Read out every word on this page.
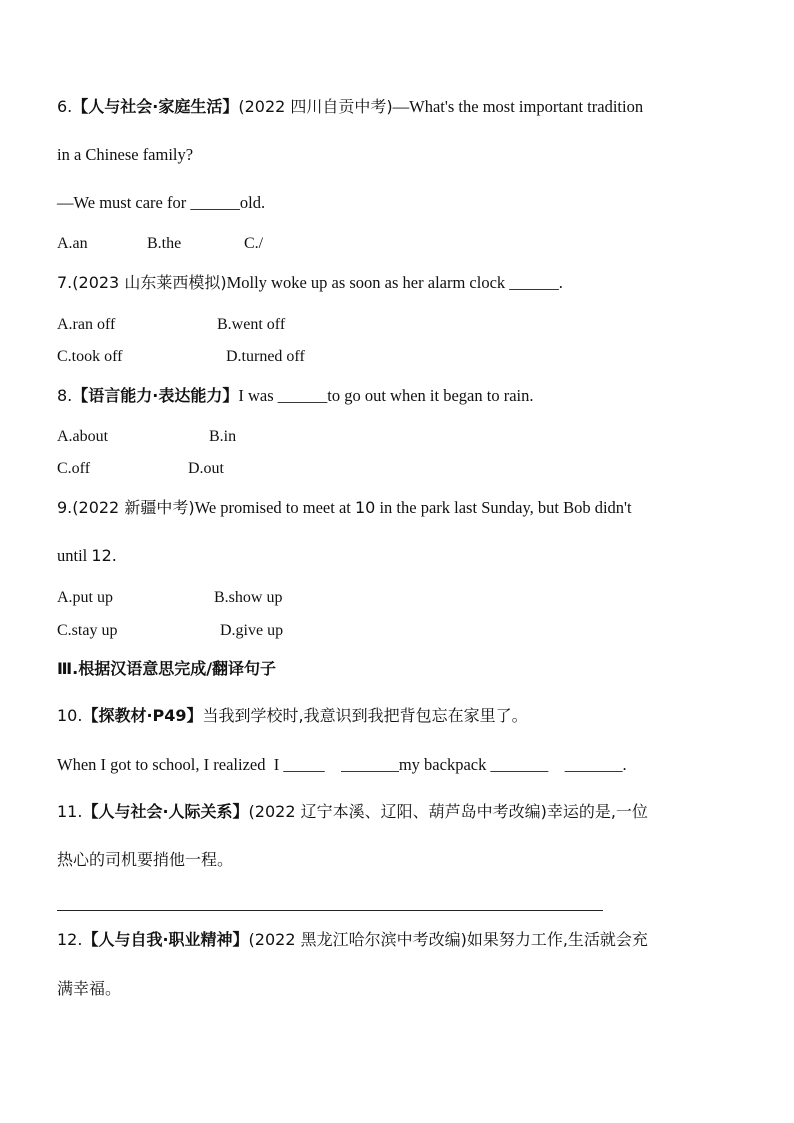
6.【人与社会·家庭生活】(2022 四川自贡中考)—What's the most important tradition
in a Chinese family?
—We must care for ______old.
A.an	B.the	C./
7.(2023 山东莱西模拟)Molly woke up as soon as her alarm clock ______.
A.ran off	B.went off
C.took off	D.turned off
8.【语言能力·表达能力】I was ______to go out when it began to rain.
A.about	B.in
C.off	D.out
9.(2022 新疆中考)We promised to meet at 10 in the park last Sunday, but Bob didn't
until 12.
A.put up	B.show up
C.stay up	D.give up
Ⅲ.根据汉语意思完成/翻译句子
10.【探教材·P49】当我到学校时,我意识到我把背包忘在家里了。
When I got to school, I realized  I _____    _______my backpack _______    _______.
11.【人与社会·人际关系】(2022 辽宁本溪、辽阳、葫芦岛中考改编)幸运的是,一位
热心的司机要捎他一程。
12.【人与自我·职业精神】(2022 黑龙江哈尔滨中考改编)如果努力工作,生活就会充
满幸福。
